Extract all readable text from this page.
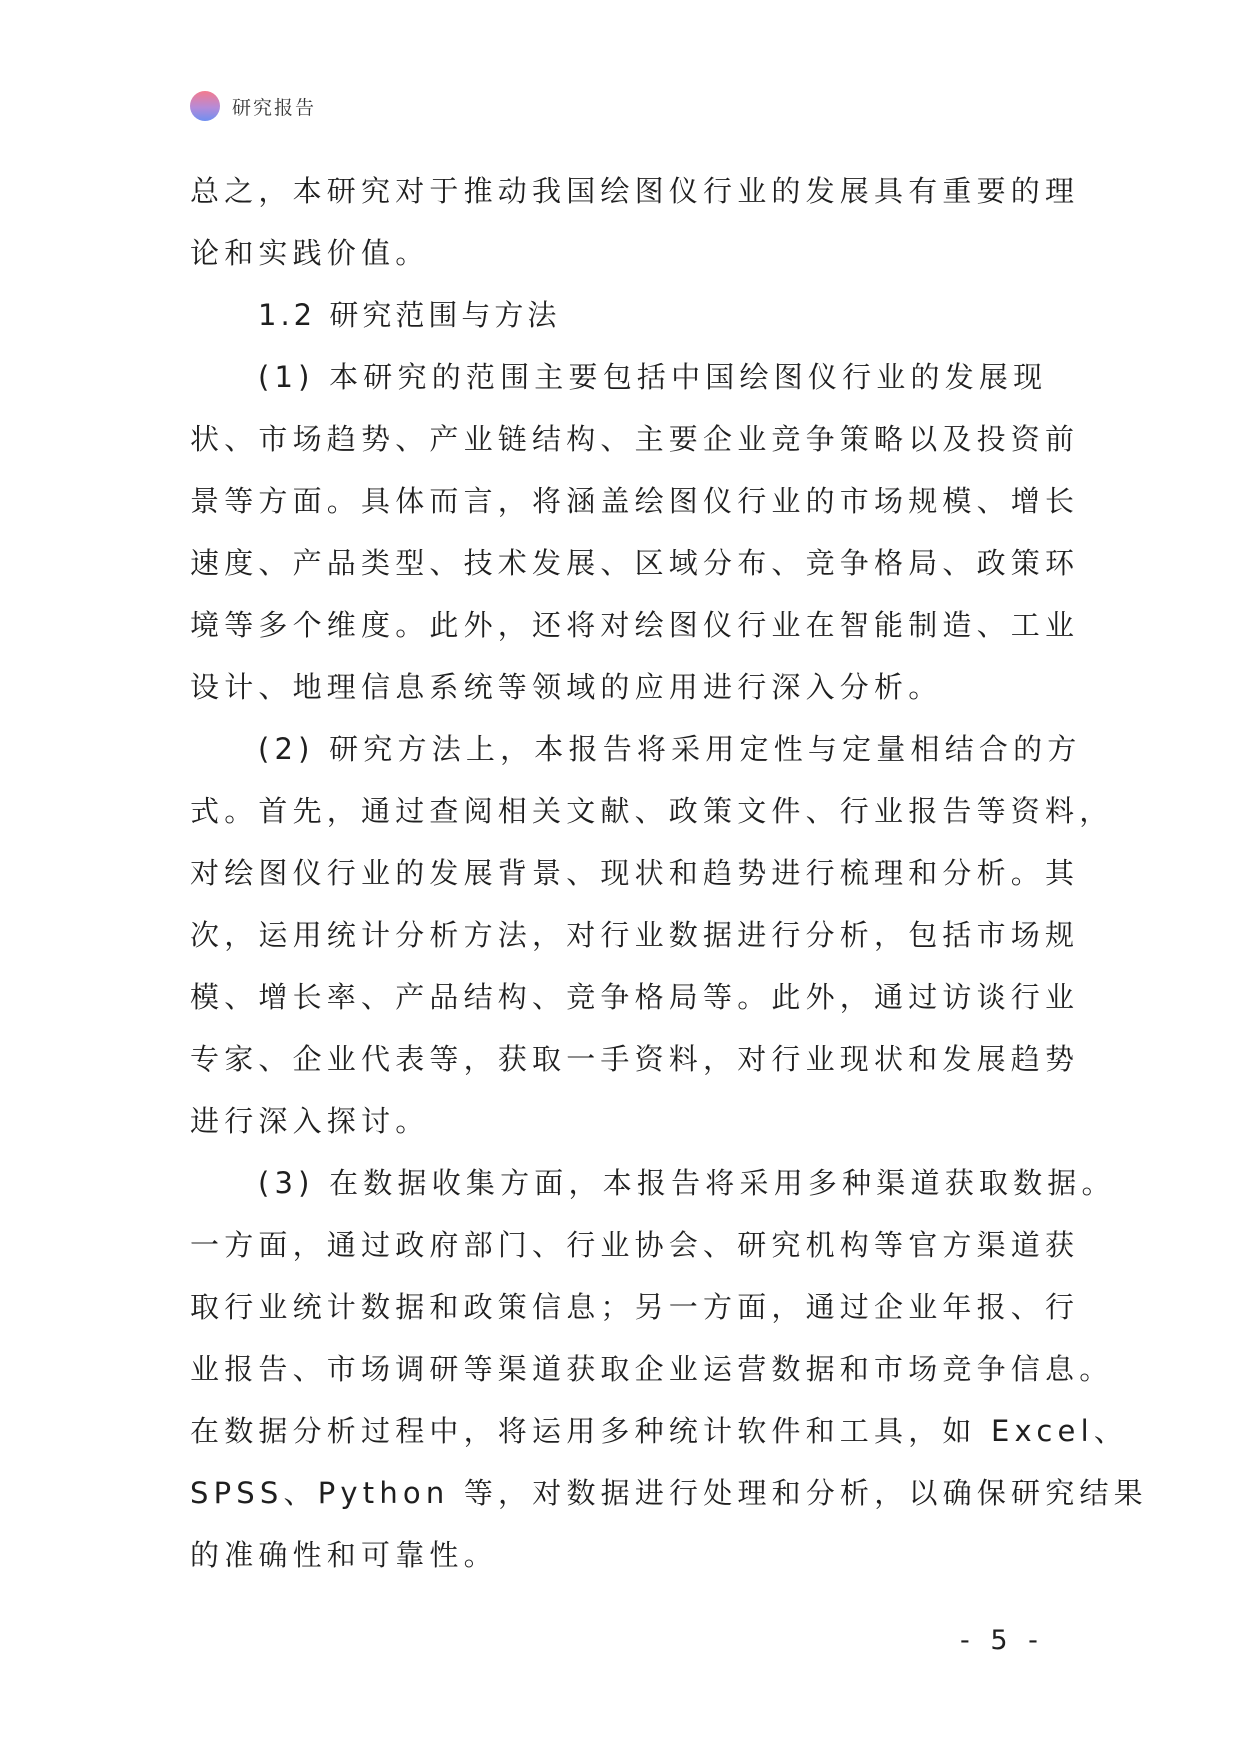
研究报告
总之，本研究对于推动我国绘图仪行业的发展具有重要的理
论和实践价值。
1.2 研究范围与方法
(1) 本研究的范围主要包括中国绘图仪行业的发展现
状、市场趋势、产业链结构、主要企业竞争策略以及投资前
景等方面。具体而言，将涵盖绘图仪行业的市场规模、增长
速度、产品类型、技术发展、区域分布、竞争格局、政策环
境等多个维度。此外，还将对绘图仪行业在智能制造、工业
设计、地理信息系统等领域的应用进行深入分析。
(2) 研究方法上，本报告将采用定性与定量相结合的方
式。首先，通过查阅相关文献、政策文件、行业报告等资料，
对绘图仪行业的发展背景、现状和趋势进行梳理和分析。其
次，运用统计分析方法，对行业数据进行分析，包括市场规
模、增长率、产品结构、竞争格局等。此外，通过访谈行业
专家、企业代表等，获取一手资料，对行业现状和发展趋势
进行深入探讨。
(3) 在数据收集方面，本报告将采用多种渠道获取数据。
一方面，通过政府部门、行业协会、研究机构等官方渠道获
取行业统计数据和政策信息；另一方面，通过企业年报、行
业报告、市场调研等渠道获取企业运营数据和市场竞争信息。
在数据分析过程中，将运用多种统计软件和工具，如 Excel、
SPSS、Python 等，对数据进行处理和分析，以确保研究结果
的准确性和可靠性。
- 5 -
